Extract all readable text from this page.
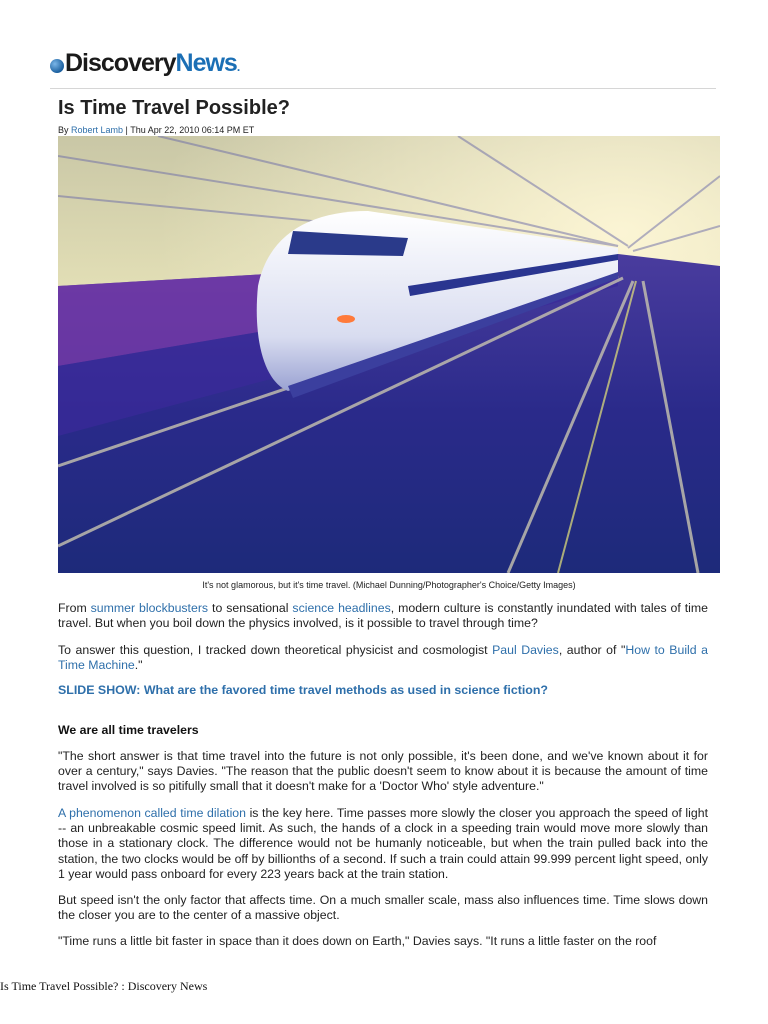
DiscoveryNews.
Is Time Travel Possible?
By Robert Lamb | Thu Apr 22, 2010 06:14 PM ET
It's not glamorous, but it's time travel. (Michael Dunning/Photographer's Choice/Getty Images)

From summer blockbusters to sensational science headlines, modern culture is constantly inundated with tales of time travel. But when you boil down the physics involved, is it possible to travel through time?

To answer this question, I tracked down theoretical physicist and cosmologist Paul Davies, author of "How to Build a Time Machine."

SLIDE SHOW: What are the favored time travel methods as used in science fiction?
We are all time travelers

"The short answer is that time travel into the future is not only possible, it's been done, and we've known about it for over a century," says Davies. "The reason that the public doesn't seem to know about it is because the amount of time travel involved is so pitifully small that it doesn't make for a 'Doctor Who' style adventure."

A phenomenon called time dilation is the key here. Time passes more slowly the closer you approach the speed of light -- an unbreakable cosmic speed limit. As such, the hands of a clock in a speeding train would move more slowly than those in a stationary clock. The difference would not be humanly noticeable, but when the train pulled back into the station, the two clocks would be off by billionths of a second. If such a train could attain 99.999 percent light speed, only 1 year would pass onboard for every 223 years back at the train station.

But speed isn't the only factor that affects time. On a much smaller scale, mass also influences time. Time slows down the closer you are to the center of a massive object.

"Time runs a little bit faster in space than it does down on Earth," Davies says. "It runs a little faster on the roof

Is Time Travel Possible? : Discovery News
